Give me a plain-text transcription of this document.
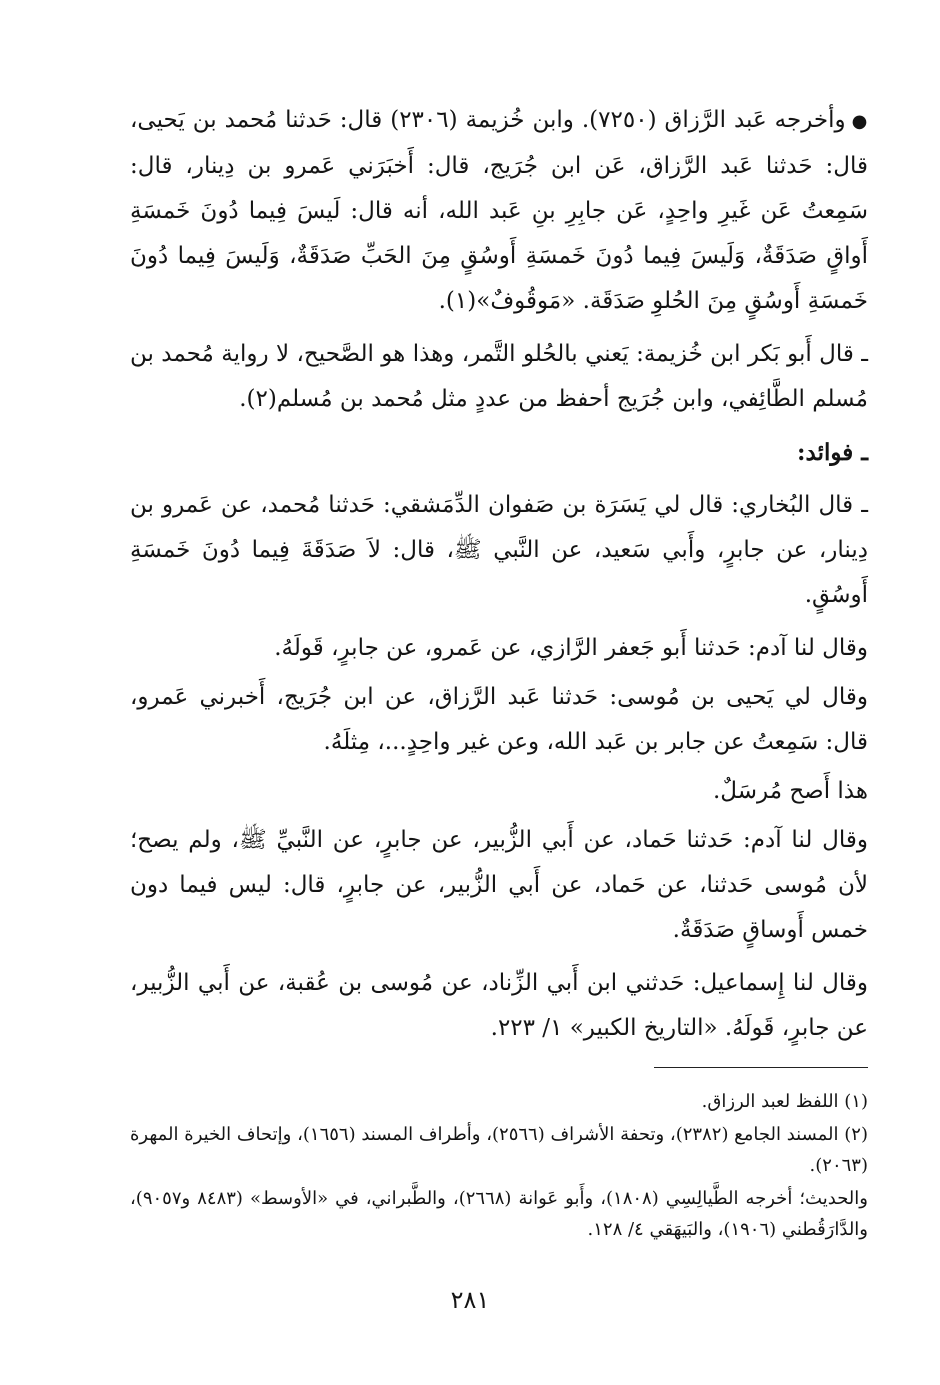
●وأخرجه عَبد الرَّزاق (٧٢٥٠). وابن خُزيمة (٢٣٠٦) قال: حَدثنا مُحمد بن يَحيى، قال: حَدثنا عَبد الرَّزاق، عَن ابن جُرَيج، قال: أَخبَرَني عَمرو بن دِينار، قال: سَمِعتُ عَن غَيرِ واحِدٍ، عَن جابِرِ بنِ عَبد الله، أنه قال: لَيسَ فِيما دُونَ خَمسَةِ أَواقٍ صَدَقَةٌ، وَلَيسَ فِيما دُونَ خَمسَةِ أَوسُقٍ مِنَ الحَبِّ صَدَقَةٌ، وَلَيسَ فِيما دُونَ خَمسَةِ أَوسُقٍ مِنَ الحُلوِ صَدَقَة. «مَوقُوفٌ»(١).

ـ قال أَبو بَكر ابن خُزيمة: يَعني بالحُلو التَّمر، وهذا هو الصَّحيح، لا رواية مُحمد بن مُسلم الطَّائِفي، وابن جُرَيج أحفظ من عددٍ مثل مُحمد بن مُسلم(٢).

ـ فوائد:

ـ قال البُخاري: قال لي يَسَرَة بن صَفوان الدِّمَشقي: حَدثنا مُحمد، عن عَمرو بن دِينار، عن جابرٍ، وأَبي سَعيد، عن النَّبي ﷺ، قال: لاَ صَدَقَةَ فِيما دُونَ خَمسَةِ أَوسُقٍ.

وقال لنا آدم: حَدثنا أَبو جَعفر الرَّازي، عن عَمرو، عن جابرٍ، قَولَهُ.

وقال لي يَحيى بن مُوسى: حَدثنا عَبد الرَّزاق، عن ابن جُرَيج، أَخبرني عَمرو، قال: سَمِعتُ عن جابر بن عَبد الله، وعن غير واحِدٍ...، مِثلَهُ.

هذا أَصح مُرسَلٌ.

وقال لنا آدم: حَدثنا حَماد، عن أَبي الزُّبير، عن جابرٍ، عن النَّبيِّ ﷺ، ولم يصح؛ لأن مُوسى حَدثنا، عن حَماد، عن أَبي الزُّبير، عن جابرٍ، قال: ليس فيما دون خمس أَوساقٍ صَدَقَةٌ.

وقال لنا إِسماعيل: حَدثني ابن أَبي الزِّناد، عن مُوسى بن عُقبة، عن أَبي الزُّبير، عن جابرٍ، قَولَهُ. «التاريخ الكبير» ١/ ٢٢٣.

(١) اللفظ لعبد الرزاق.

(٢) المسند الجامع (٢٣٨٢)، وتحفة الأشراف (٢٥٦٦)، وأطراف المسند (١٦٥٦)، وإتحاف الخيرة المهرة (٢٠٦٣).

والحديث؛ أخرجه الطَّيالِسِي (١٨٠٨)، وأَبو عَوانة (٢٦٦٨)، والطَّبراني، في «الأوسط» (٨٤٨٣ و٩٠٥٧)، والدَّارَقُطني (١٩٠٦)، والبَيهَقي ٤/ ١٢٨.

٢٨١
